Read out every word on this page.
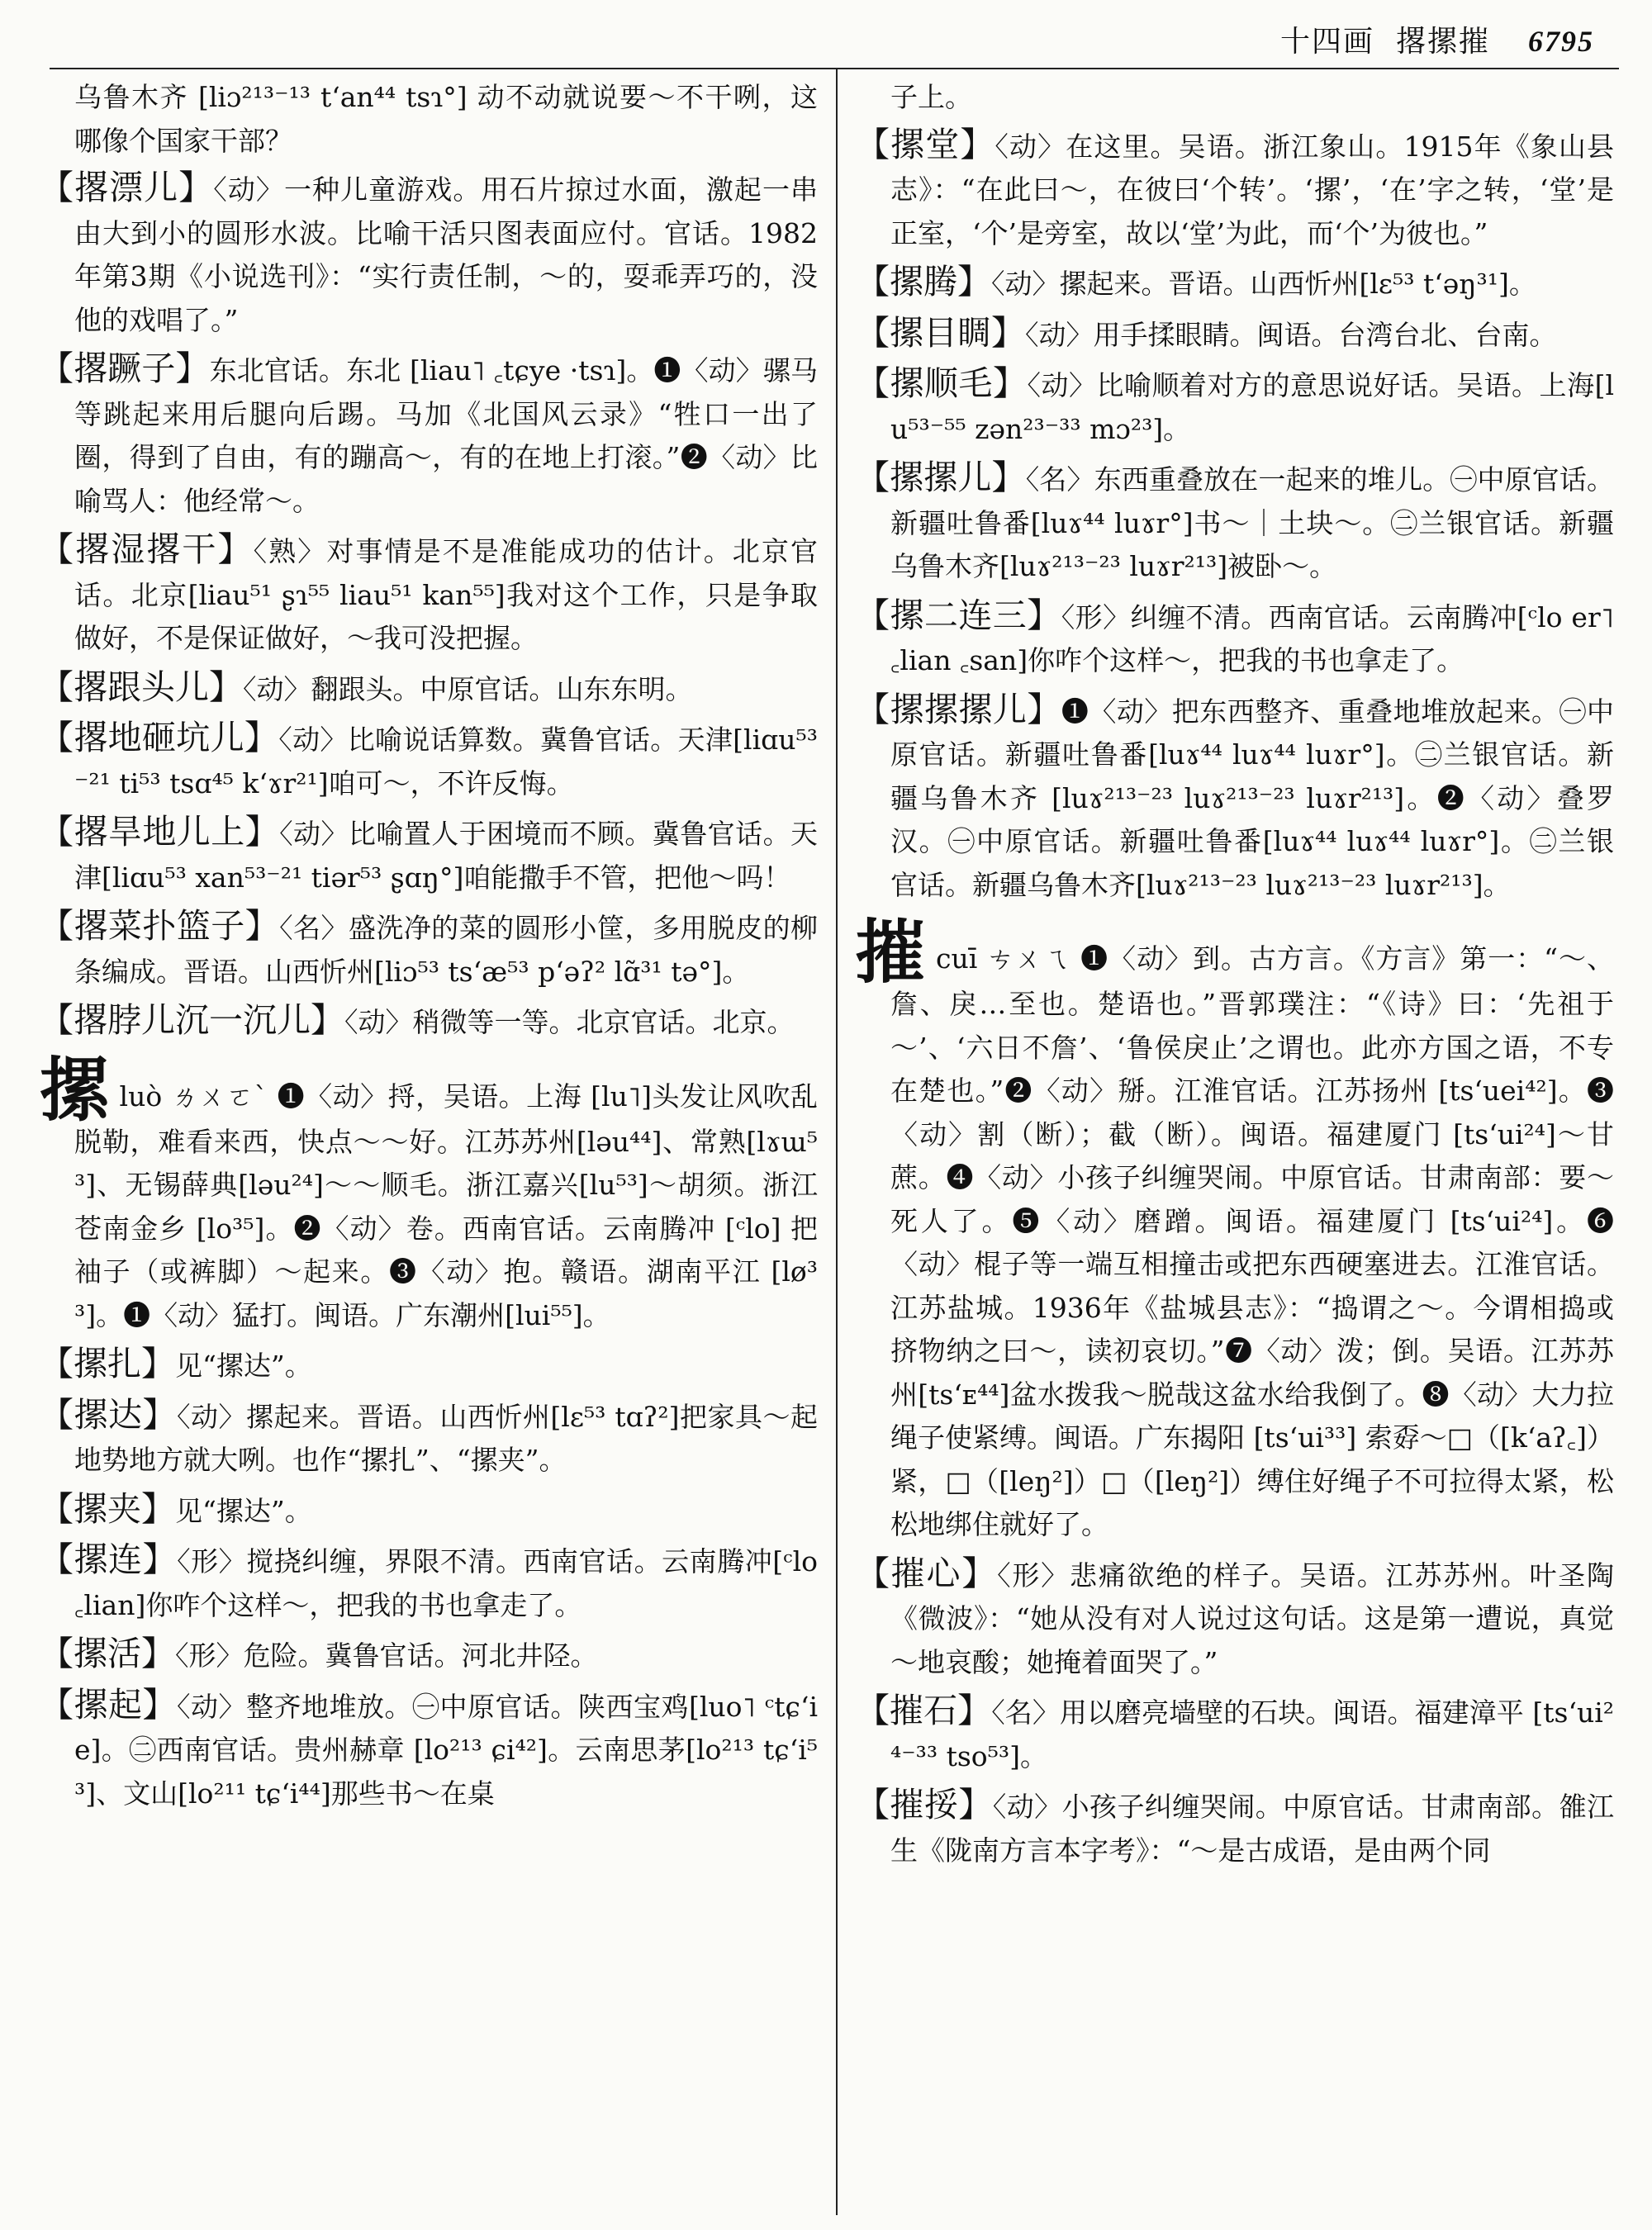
十四画 撂摞摧 6795

乌鲁木齐 [liɔ²¹³⁻¹³ tʻan⁴⁴ tsɿ°] 动不动就说要～不干咧，这哪像个国家干部？

【撂漂儿】〈动〉一种儿童游戏。用石片掠过水面，激起一串由大到小的圆形水波。比喻干活只图表面应付。官话。1982年第3期《小说选刊》：“实行责任制，～的，耍乖弄巧的，没他的戏唱了。”

【撂蹶子】东北官话。东北 [liau˥ ꜀tɕye ·tsɿ]。❶〈动〉骡马等跳起来用后腿向后踢。马加《北国风云录》“牲口一出了圈，得到了自由，有的蹦高～，有的在地上打滚。”❷〈动〉比喻骂人：他经常～。

【撂湿撂干】〈熟〉对事情是不是准能成功的估计。北京官话。北京[liau⁵¹ ʂɿ⁵⁵ liau⁵¹ kan⁵⁵]我对这个工作，只是争取做好，不是保证做好，～我可没把握。

【撂跟头儿】〈动〉翻跟头。中原官话。山东东明。

【撂地砸坑儿】〈动〉比喻说话算数。冀鲁官话。天津[liɑu⁵³⁻²¹ ti⁵³ tsɑ⁴⁵ kʻɤr²¹]咱可～，不许反悔。

【撂旱地儿上】〈动〉比喻置人于困境而不顾。冀鲁官话。天津[liɑu⁵³ xan⁵³⁻²¹ tiər⁵³ ʂɑŋ°]咱能撒手不管，把他～吗！

【撂菜扑篮子】〈名〉盛洗净的菜的圆形小筐，多用脱皮的柳条编成。晋语。山西忻州[liɔ⁵³ tsʻæ⁵³ pʻəʔ² lɑ̃³¹ tə°]。

【撂脖儿沉一沉儿】〈动〉稍微等一等。北京官话。北京。

摞luò ㄌㄨㄛˋ ❶〈动〉捋，吴语。上海 [lu˥]头发让风吹乱脱勒，难看来西，快点～～好。江苏苏州[ləu⁴⁴]、常熟[lɤɯ⁵³]、无锡薛典[ləu²⁴]～～顺毛。浙江嘉兴[lu⁵³]～胡须。浙江苍南金乡 [lo³⁵]。❷〈动〉卷。西南官话。云南腾冲 [ᶜlo] 把袖子（或裤脚）～起来。❸〈动〉抱。赣语。湖南平江 [lø³³]。❶〈动〉猛打。闽语。广东潮州[lui⁵⁵]。

【摞扎】见“摞达”。

【摞达】〈动〉摞起来。晋语。山西忻州[lɛ⁵³ tɑʔ²]把家具～起地势地方就大咧。也作“摞扎”、“摞夹”。

【摞夹】见“摞达”。

【摞连】〈形〉搅挠纠缠，界限不清。西南官话。云南腾冲[ᶜlo ꜀lian]你咋个这样～，把我的书也拿走了。

【摞活】〈形〉危险。冀鲁官话。河北井陉。

【摞起】〈动〉整齐地堆放。㊀中原官话。陕西宝鸡[luo˥ ᶜtɕʻie]。㊁西南官话。贵州赫章 [lo²¹³ ɕi⁴²]。云南思茅[lo²¹³ tɕʻi⁵³]、文山[lo²¹¹ tɕʻi⁴⁴]那些书～在桌

子上。

【摞堂】〈动〉在这里。吴语。浙江象山。1915年《象山县志》：“在此曰～，在彼曰‘个转’。‘摞’，‘在’字之转，‘堂’是正室，‘个’是旁室，故以‘堂’为此，而‘个’为彼也。”

【摞腾】〈动〉摞起来。晋语。山西忻州[lɛ⁵³ tʻəŋ³¹]。

【摞目睭】〈动〉用手揉眼睛。闽语。台湾台北、台南。

【摞顺毛】〈动〉比喻顺着对方的意思说好话。吴语。上海[lu⁵³⁻⁵⁵ zən²³⁻³³ mɔ²³]。

【摞摞儿】〈名〉东西重叠放在一起来的堆儿。㊀中原官话。新疆吐鲁番[luɤ⁴⁴ luɤr°]书～｜土块～。㊁兰银官话。新疆乌鲁木齐[luɤ²¹³⁻²³ luɤr²¹³]被卧～。

【摞二连三】〈形〉纠缠不清。西南官话。云南腾冲[ᶜlo er˥ ꜀lian ꜀san]你咋个这样～，把我的书也拿走了。

【摞摞摞儿】❶〈动〉把东西整齐、重叠地堆放起来。㊀中原官话。新疆吐鲁番[luɤ⁴⁴ luɤ⁴⁴ luɤr°]。㊁兰银官话。新疆乌鲁木齐 [luɤ²¹³⁻²³ luɤ²¹³⁻²³ luɤr²¹³]。❷〈动〉叠罗汉。㊀中原官话。新疆吐鲁番[luɤ⁴⁴ luɤ⁴⁴ luɤr°]。㊁兰银官话。新疆乌鲁木齐[luɤ²¹³⁻²³ luɤ²¹³⁻²³ luɤr²¹³]。

摧cuī ㄘㄨㄟ ❶〈动〉到。古方言。《方言》第一：“～、詹、戾…至也。楚语也。”晋郭璞注：“《诗》曰：‘先祖于～’、‘六日不詹’、‘鲁侯戾止’之谓也。此亦方国之语，不专在楚也。”❷〈动〉掰。江淮官话。江苏扬州 [tsʻuei⁴²]。❸〈动〉割（断）；截（断）。闽语。福建厦门 [tsʻui²⁴]～甘蔗。❹〈动〉小孩子纠缠哭闹。中原官话。甘肃南部：要～死人了。❺〈动〉磨蹭。闽语。福建厦门 [tsʻui²⁴]。❻〈动〉棍子等一端互相撞击或把东西硬塞进去。江淮官话。江苏盐城。1936年《盐城县志》：“捣谓之～。今谓相捣或挤物纳之曰～，读初哀切。”❼〈动〉泼；倒。吴语。江苏苏州[tsʻᴇ⁴⁴]盆水拨我～脱哉这盆水给我倒了。❽〈动〉大力拉绳子使紧缚。闽语。广东揭阳 [tsʻui³³] 索孬～□（[kʻaʔ꜀]）紧，□（[leŋ²]）□（[leŋ²]）缚住好绳子不可拉得太紧，松松地绑住就好了。

【摧心】〈形〉悲痛欲绝的样子。吴语。江苏苏州。叶圣陶《微波》：“她从没有对人说过这句话。这是第一遭说，真觉～地哀酸；她掩着面哭了。”

【摧石】〈名〉用以磨亮墙壁的石块。闽语。福建漳平 [tsʻui²⁴⁻³³ tso⁵³]。

【摧挼】〈动〉小孩子纠缠哭闹。中原官话。甘肃南部。雒江生《陇南方言本字考》：“～是古成语，是由两个同
